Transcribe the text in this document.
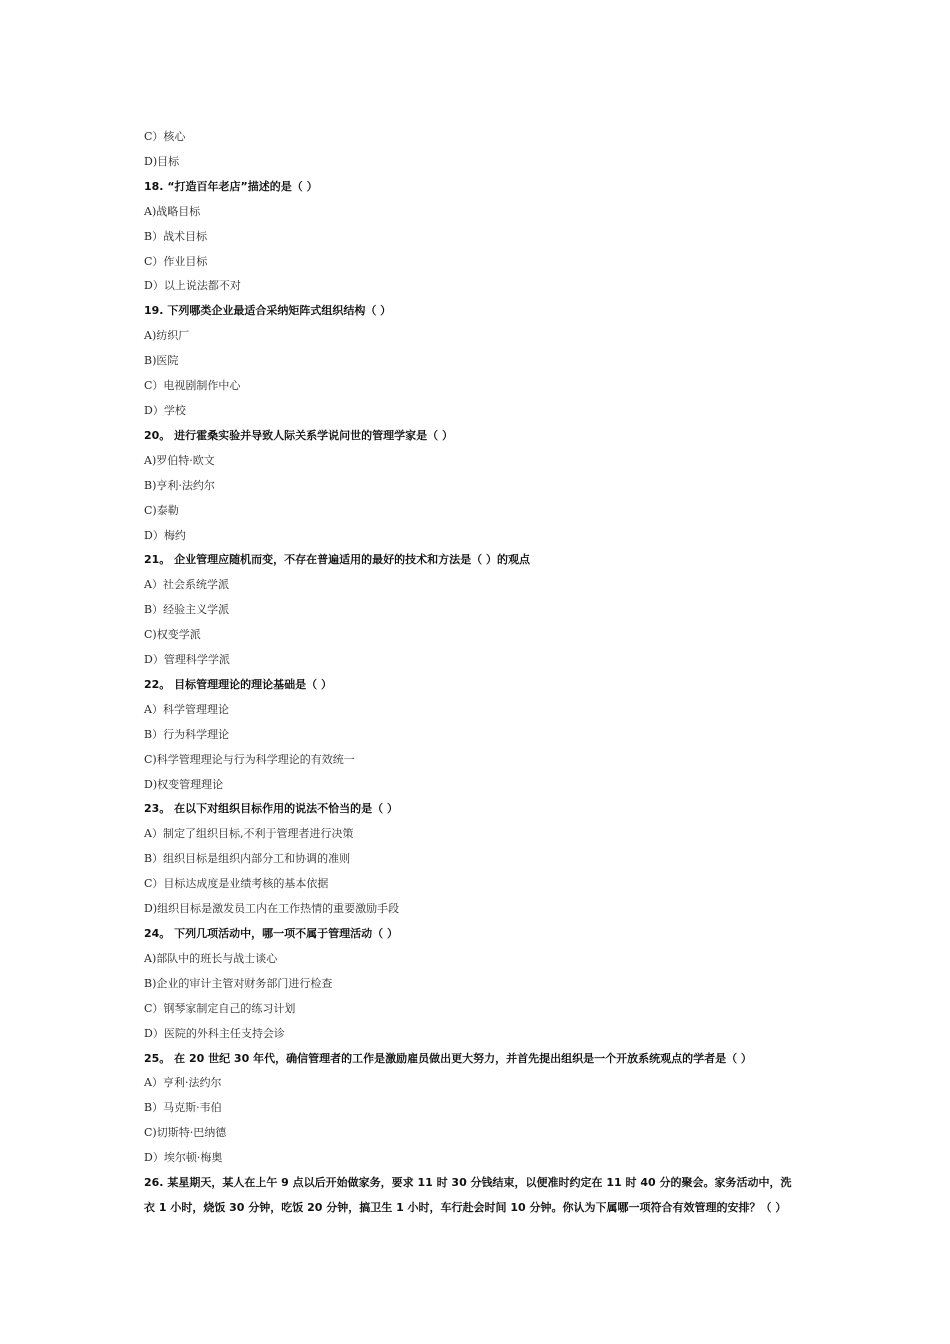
C）核心
D)目标
18. “打造百年老店”描述的是（ ）
A)战略目标
B）战术目标
C）作业目标
D）以上说法都不对
19. 下列哪类企业最适合采纳矩阵式组织结构（ ）
A)纺织厂
B)医院
C）电视剧制作中心
D）学校
20。 进行霍桑实验并导致人际关系学说问世的管理学家是（ ）
A)罗伯特·欧文
B)亨利·法约尔
C)泰勒
D）梅约
21。 企业管理应随机而变，不存在普遍适用的最好的技术和方法是（ ）的观点
A）社会系统学派
B）经验主义学派
C)权变学派
D）管理科学学派
22。 目标管理理论的理论基础是（ ）
A）科学管理理论
B）行为科学理论
C)科学管理理论与行为科学理论的有效统一
D)权变管理理论
23。 在以下对组织目标作用的说法不恰当的是（ ）
A）制定了组织目标,不利于管理者进行决策
B）组织目标是组织内部分工和协调的准则
C）目标达成度是业绩考核的基本依据
D)组织目标是激发员工内在工作热情的重要激励手段
24。 下列几项活动中，哪一项不属于管理活动（ ）
A)部队中的班长与战士谈心
B)企业的审计主管对财务部门进行检查
C）钢琴家制定自己的练习计划
D）医院的外科主任支持会诊
25。 在 20 世纪 30 年代，确信管理者的工作是激励雇员做出更大努力，并首先提出组织是一个开放系统观点的学者是（ ）
A）亨利·法约尔
B）马克斯·韦伯
C)切斯特·巴纳德
D）埃尔顿·梅奥
26. 某星期天，某人在上午 9 点以后开始做家务，要求 11 时 30 分钱结束，以便准时约定在 11 时 40 分的聚会。家务活动中，洗
衣 1 小时，烧饭 30 分钟，吃饭 20 分钟，搞卫生 1 小时，车行赴会时间 10 分钟。你认为下属哪一项符合有效管理的安排？（ ）
